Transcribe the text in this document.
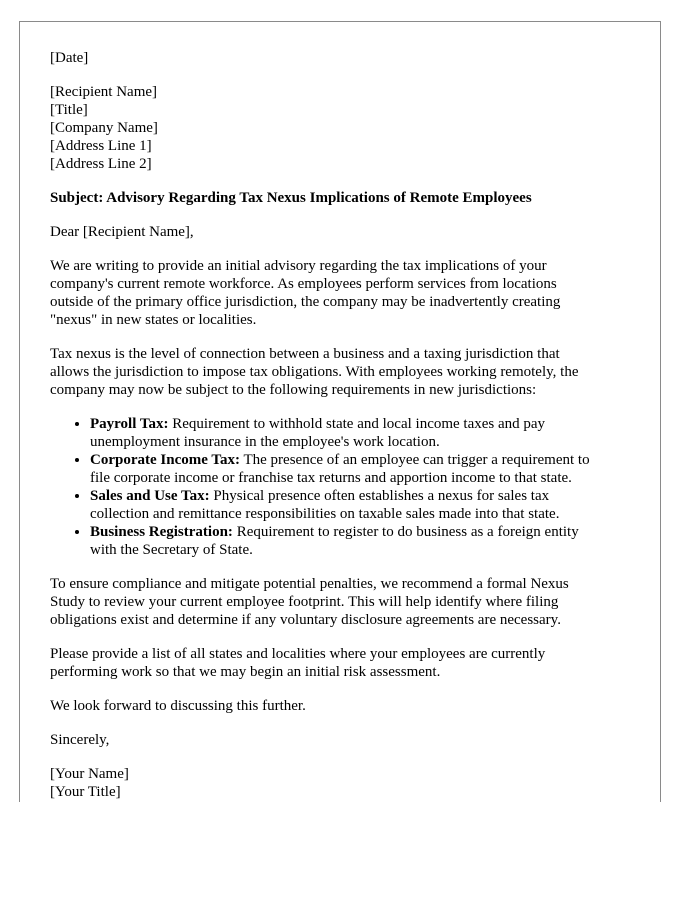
[Date]

[Recipient Name]
[Title]
[Company Name]
[Address Line 1]
[Address Line 2]

Subject: Advisory Regarding Tax Nexus Implications of Remote Employees

Dear [Recipient Name],

We are writing to provide an initial advisory regarding the tax implications of your
company's current remote workforce. As employees perform services from locations
outside of the primary office jurisdiction, the company may be inadvertently creating
"nexus" in new states or localities.

Tax nexus is the level of connection between a business and a taxing jurisdiction that
allows the jurisdiction to impose tax obligations. With employees working remotely, the
company may now be subject to the following requirements in new jurisdictions:

• Payroll Tax: Requirement to withhold state and local income taxes and pay
unemployment insurance in the employee's work location.
• Corporate Income Tax: The presence of an employee can trigger a requirement to
file corporate income or franchise tax returns and apportion income to that state.
• Sales and Use Tax: Physical presence often establishes a nexus for sales tax
collection and remittance responsibilities on taxable sales made into that state.
• Business Registration: Requirement to register to do business as a foreign entity
with the Secretary of State.

To ensure compliance and mitigate potential penalties, we recommend a formal Nexus
Study to review your current employee footprint. This will help identify where filing
obligations exist and determine if any voluntary disclosure agreements are necessary.

Please provide a list of all states and localities where your employees are currently
performing work so that we may begin an initial risk assessment.

We look forward to discussing this further.

Sincerely,

[Your Name]
[Your Title]
